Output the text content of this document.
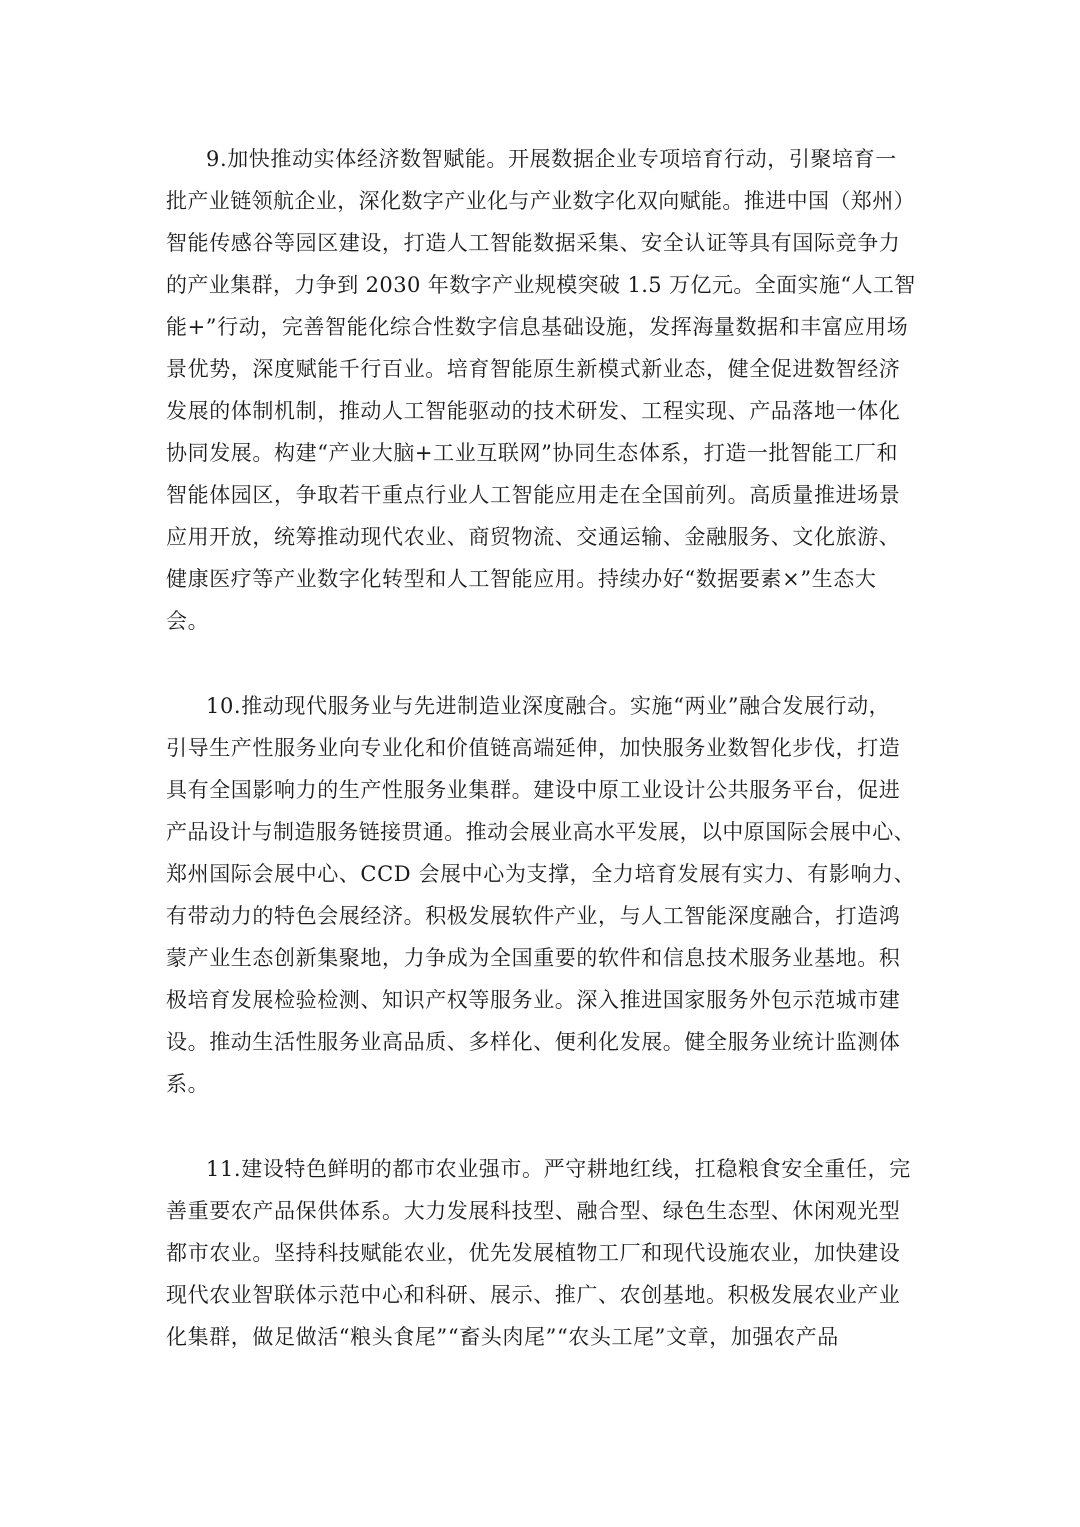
9.加快推动实体经济数智赋能。开展数据企业专项培育行动，引聚培育一
批产业链领航企业，深化数字产业化与产业数字化双向赋能。推进中国（郑州）
智能传感谷等园区建设，打造人工智能数据采集、安全认证等具有国际竞争力
的产业集群，力争到 2030 年数字产业规模突破 1.5 万亿元。全面实施“人工智
能+”行动，完善智能化综合性数字信息基础设施，发挥海量数据和丰富应用场
景优势，深度赋能千行百业。培育智能原生新模式新业态，健全促进数智经济
发展的体制机制，推动人工智能驱动的技术研发、工程实现、产品落地一体化
协同发展。构建“产业大脑+工业互联网”协同生态体系，打造一批智能工厂和
智能体园区，争取若干重点行业人工智能应用走在全国前列。高质量推进场景
应用开放，统筹推动现代农业、商贸物流、交通运输、金融服务、文化旅游、
健康医疗等产业数字化转型和人工智能应用。持续办好“数据要素×”生态大
会。
10.推动现代服务业与先进制造业深度融合。实施“两业”融合发展行动，
引导生产性服务业向专业化和价值链高端延伸，加快服务业数智化步伐，打造
具有全国影响力的生产性服务业集群。建设中原工业设计公共服务平台，促进
产品设计与制造服务链接贯通。推动会展业高水平发展，以中原国际会展中心、
郑州国际会展中心、CCD 会展中心为支撑，全力培育发展有实力、有影响力、
有带动力的特色会展经济。积极发展软件产业，与人工智能深度融合，打造鸿
蒙产业生态创新集聚地，力争成为全国重要的软件和信息技术服务业基地。积
极培育发展检验检测、知识产权等服务业。深入推进国家服务外包示范城市建
设。推动生活性服务业高品质、多样化、便利化发展。健全服务业统计监测体
系。
11.建设特色鲜明的都市农业强市。严守耕地红线，扛稳粮食安全重任，完
善重要农产品保供体系。大力发展科技型、融合型、绿色生态型、休闲观光型
都市农业。坚持科技赋能农业，优先发展植物工厂和现代设施农业，加快建设
现代农业智联体示范中心和科研、展示、推广、农创基地。积极发展农业产业
化集群，做足做活“粮头食尾”“畜头肉尾”“农头工尾”文章，加强农产品
